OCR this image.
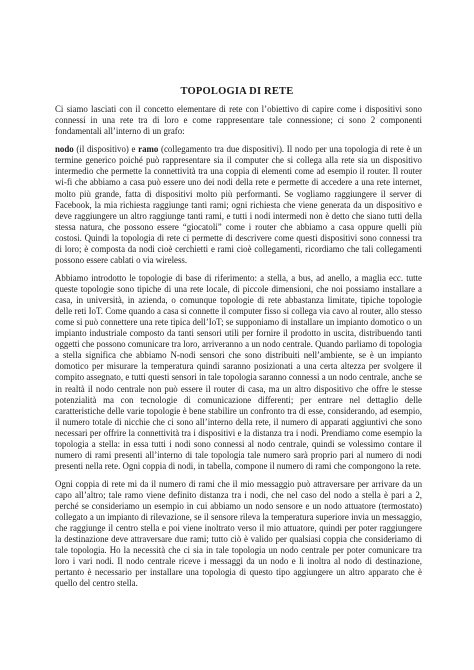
TOPOLOGIA DI RETE

Ci siamo lasciati con il concetto elementare di rete con l’obiettivo di capire come i dispositivi sono connessi in una rete tra di loro e come rappresentare tale connessione; ci sono 2 componenti fondamentali all’interno di un grafo:

nodo (il dispositivo) e ramo (collegamento tra due dispositivi). Il nodo per una topologia di rete è un termine generico poiché può rappresentare sia il computer che si collega alla rete sia un dispositivo intermedio che permette la connettività tra una coppia di elementi come ad esempio il router. Il router wi-fi che abbiamo a casa può essere uno dei nodi della rete e permette di accedere a una rete internet, molto più grande, fatta di dispositivi molto più performanti. Se vogliamo raggiungere il server di Facebook, la mia richiesta raggiunge tanti rami; ogni richiesta che viene generata da un dispositivo e deve raggiungere un altro raggiunge tanti rami, e tutti i nodi intermedi non è detto che siano tutti della stessa natura, che possono essere “giocatoli” come i router che abbiamo a casa oppure quelli più costosi. Quindi la topologia di rete ci permette di descrivere come questi dispositivi sono connessi tra di loro; è composta da nodi cioè cerchietti e rami cioè collegamenti, ricordiamo che tali collegamenti possono essere cablati o via wireless.

Abbiamo introdotto le topologie di base di riferimento: a stella, a bus, ad anello, a maglia ecc. tutte queste topologie sono tipiche di una rete locale, di piccole dimensioni, che noi possiamo installare a casa, in università, in azienda, o comunque topologie di rete abbastanza limitate, tipiche topologie delle reti IoT. Come quando a casa si connette il computer fisso si collega via cavo al router, allo stesso come si può connettere una rete tipica dell’IoT; se supponiamo di installare un impianto domotico o un impianto industriale composto da tanti sensori utili per fornire il prodotto in uscita, distribuendo tanti oggetti che possono comunicare tra loro, arriveranno a un nodo centrale. Quando parliamo di topologia a stella significa che abbiamo N-nodi sensori che sono distribuiti nell’ambiente, se è un impianto domotico per misurare la temperatura quindi saranno posizionati a una certa altezza per svolgere il compito assegnato, e tutti questi sensori in tale topologia saranno connessi a un nodo centrale, anche se in realtà il nodo centrale non può essere il router di casa, ma un altro dispositivo che offre le stesse potenzialità ma con tecnologie di comunicazione differenti; per entrare nel dettaglio delle caratteristiche delle varie topologie è bene stabilire un confronto tra di esse, considerando, ad esempio, il numero totale di nicchie che ci sono all’interno della rete, il numero di apparati aggiuntivi che sono necessari per offrire la connettività tra i dispositivi e la distanza tra i nodi. Prendiamo come esempio la topologia a stella: in essa tutti i nodi sono connessi al nodo centrale, quindi se volessimo contare il numero di rami presenti all’interno di tale topologia tale numero sarà proprio pari al numero di nodi presenti nella rete. Ogni coppia di nodi, in tabella, compone il numero di rami che compongono la rete.

Ogni coppia di rete mi da il numero di rami che il mio messaggio può attraversare per arrivare da un capo all’altro; tale ramo viene definito distanza tra i nodi, che nel caso del nodo a stella è pari a 2, perché se consideriamo un esempio in cui abbiamo un nodo sensore e un nodo attuatore (termostato) collegato a un impianto di rilevazione, se il sensore rileva la temperatura superiore invia un messaggio, che raggiunge il centro stella e poi viene inoltrato verso il mio attuatore, quindi per poter raggiungere la destinazione deve attraversare due rami; tutto ciò è valido per qualsiasi coppia che consideriamo di tale topologia. Ho la necessità che ci sia in tale topologia un nodo centrale per poter comunicare tra loro i vari nodi. Il nodo centrale riceve i messaggi da un nodo e li inoltra al nodo di destinazione, pertanto è necessario per installare una topologia di questo tipo aggiungere un altro apparato che è quello del centro stella.
